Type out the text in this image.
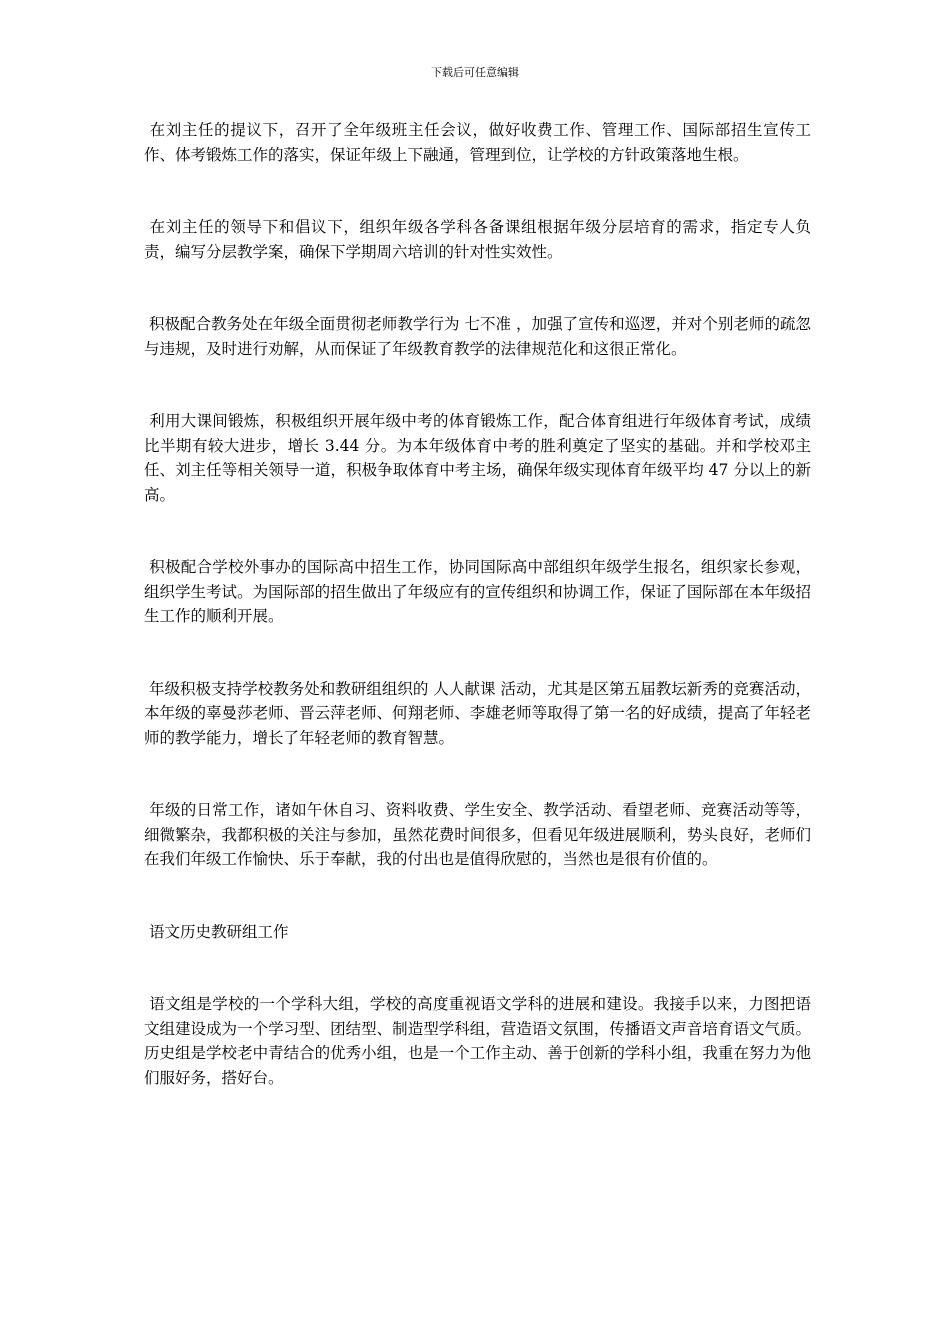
下载后可任意编辑

在刘主任的提议下，召开了全年级班主任会议，做好收费工作、管理工作、国际部招生宣传工作、体考锻炼工作的落实，保证年级上下融通，管理到位，让学校的方针政策落地生根。

在刘主任的领导下和倡议下，组织年级各学科各备课组根据年级分层培育的需求，指定专人负责，编写分层教学案，确保下学期周六培训的针对性实效性。

积极配合教务处在年级全面贯彻老师教学行为 七不准 ，加强了宣传和巡逻，并对个别老师的疏忽与违规，及时进行劝解，从而保证了年级教育教学的法律规范化和这很正常化。

利用大课间锻炼，积极组织开展年级中考的体育锻炼工作，配合体育组进行年级体育考试，成绩比半期有较大进步，增长 3.44 分。为本年级体育中考的胜利奠定了坚实的基础。并和学校邓主任、刘主任等相关领导一道，积极争取体育中考主场，确保年级实现体育年级平均 47 分以上的新高。

积极配合学校外事办的国际高中招生工作，协同国际高中部组织年级学生报名，组织家长参观，组织学生考试。为国际部的招生做出了年级应有的宣传组织和协调工作，保证了国际部在本年级招生工作的顺利开展。

年级积极支持学校教务处和教研组组织的 人人献课 活动，尤其是区第五届教坛新秀的竞赛活动，本年级的辜曼莎老师、晋云萍老师、何翔老师、李雄老师等取得了第一名的好成绩，提高了年轻老师的教学能力，增长了年轻老师的教育智慧。

年级的日常工作，诸如午休自习、资料收费、学生安全、教学活动、看望老师、竞赛活动等等，细微繁杂，我都积极的关注与参加，虽然花费时间很多，但看见年级进展顺利，势头良好，老师们在我们年级工作愉快、乐于奉献，我的付出也是值得欣慰的，当然也是很有价值的。

语文历史教研组工作

语文组是学校的一个学科大组，学校的高度重视语文学科的进展和建设。我接手以来，力图把语文组建设成为一个学习型、团结型、制造型学科组，营造语文氛围，传播语文声音培育语文气质。历史组是学校老中青结合的优秀小组，也是一个工作主动、善于创新的学科小组，我重在努力为他们服好务，搭好台。
